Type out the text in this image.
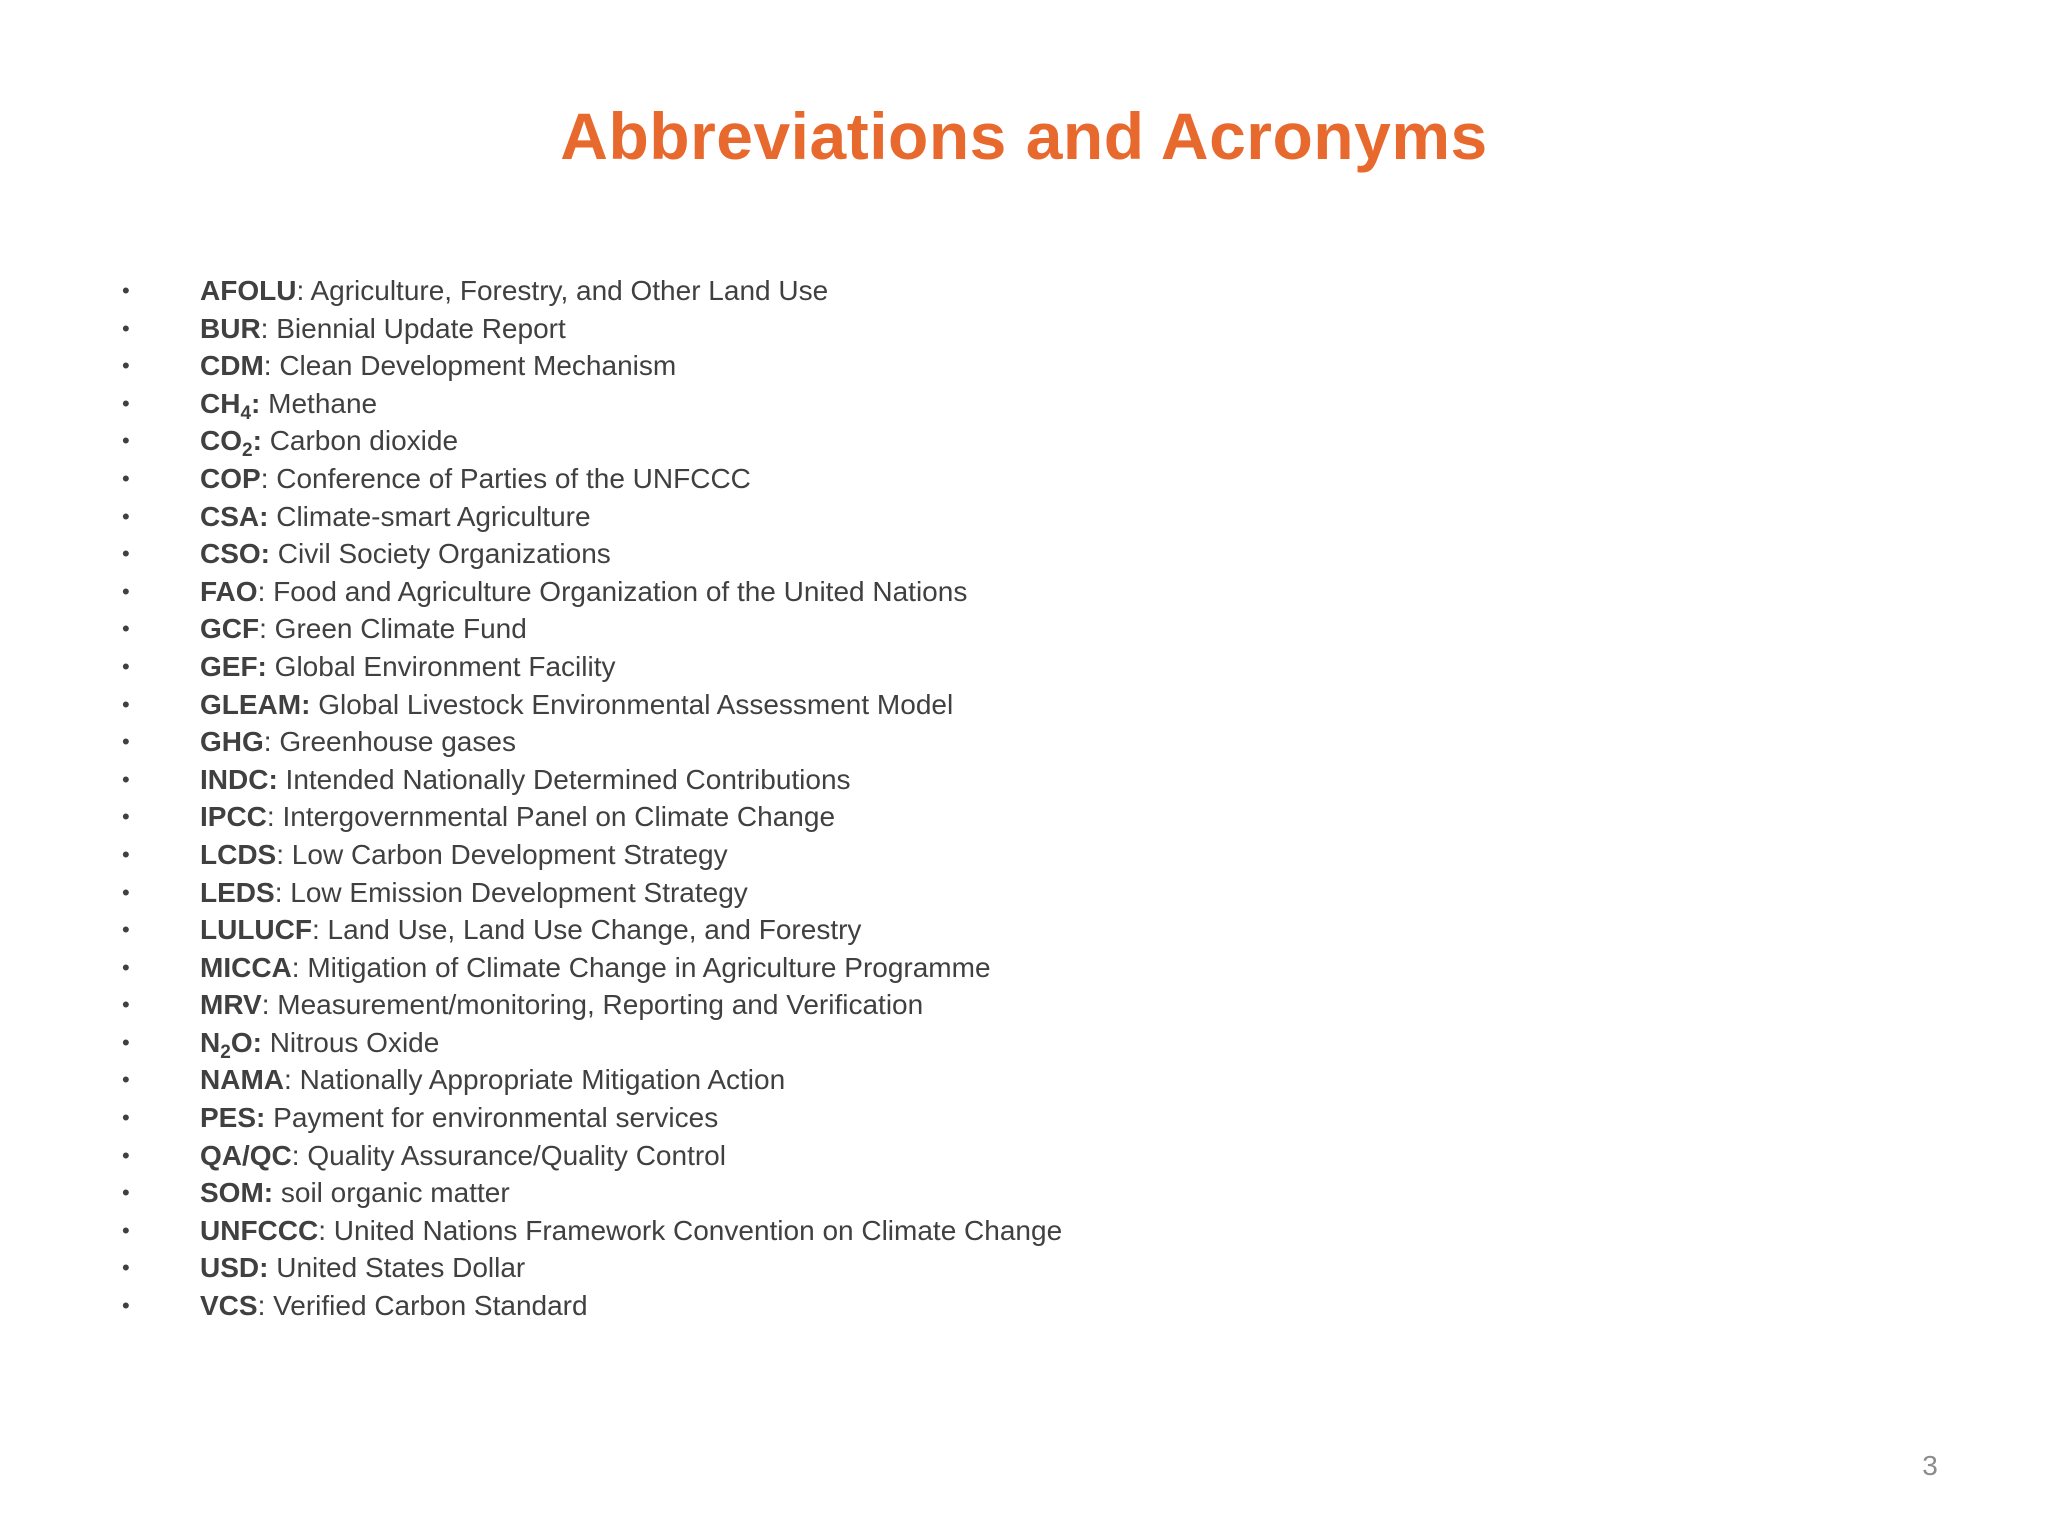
Abbreviations and Acronyms
•	AFOLU: Agriculture, Forestry, and Other Land Use
•	BUR: Biennial Update Report
•	CDM: Clean Development Mechanism
•	$CH_4$: Methane
•	$CO_2$: Carbon dioxide
•	COP: Conference of Parties of the UNFCCC
•	CSA: Climate-smart Agriculture
•	CSO: Civil Society Organizations
•	FAO: Food and Agriculture Organization of the United Nations
•	GCF: Green Climate Fund
•	GEF: Global Environment Facility
•	GLEAM: Global Livestock Environmental Assessment Model
•	GHG: Greenhouse gases
•	INDC: Intended Nationally Determined Contributions
•	IPCC: Intergovernmental Panel on Climate Change
•	LCDS: Low Carbon Development Strategy
•	LEDS: Low Emission Development Strategy
•	LULUCF: Land Use, Land Use Change, and Forestry
•	MICCA: Mitigation of Climate Change in Agriculture Programme
•	MRV: Measurement/monitoring, Reporting and Verification
•	$N_2O$: Nitrous Oxide
•	NAMA: Nationally Appropriate Mitigation Action
•	PES: Payment for environmental services
•	QA/QC: Quality Assurance/Quality Control
•	SOM: soil organic matter
•	UNFCCC: United Nations Framework Convention on Climate Change
•	USD: United States Dollar
•	VCS: Verified Carbon Standard
3
